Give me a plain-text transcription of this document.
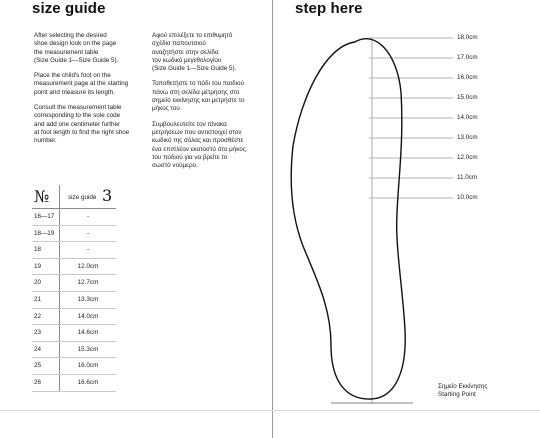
size guide

After selecting the desired
shoe design look on the page
the measurement table
(Size Guide 1—Size Guide 5).

Place the child's foot on the
measurement page at the starting
point and measure its length.

Consult the measurement table
corresponding to the sole code
and add one centimeter further
at foot length to find the right shoe
number.

Αφού επιλέξετε το επιθυμητό
σχέδιο παπουτσιού
αναζητήστε στην σελίδα
τον κωδικό μεγεθολογίου
(Size Guide 1—Size Guide 5).

Τοποθετήστε το πόδι του παιδιού
πάνω στη σελίδα μέτρησης στο
σημείο εκκίνησης και μετρήστε το
μήκος του.

Συμβουλευτείτε τον πίνακα
μετρήσεων που αντιστοιχεί στον
κωδικό της σόλας και προσθέστε
ένα επιπλέον εκατοστό στο μήκος
του ποδιού για να βρείτε το
σωστό νούμερο.

№	size guide 3
16—17	-
18—19	-
18	-
19	12.0cm
20	12.7cm
21	13.3cm
22	14.0cm
23	14.6cm
24	15.3cm
25	16.0cm
26	16.6cm
step here
18.0cm
17.0cm
16.0cm
15.0cm
14.0cm
13.0cm
12.0cm
11.0cm
10.0cm
Σημείο Εκκίνησης
Starting Point
